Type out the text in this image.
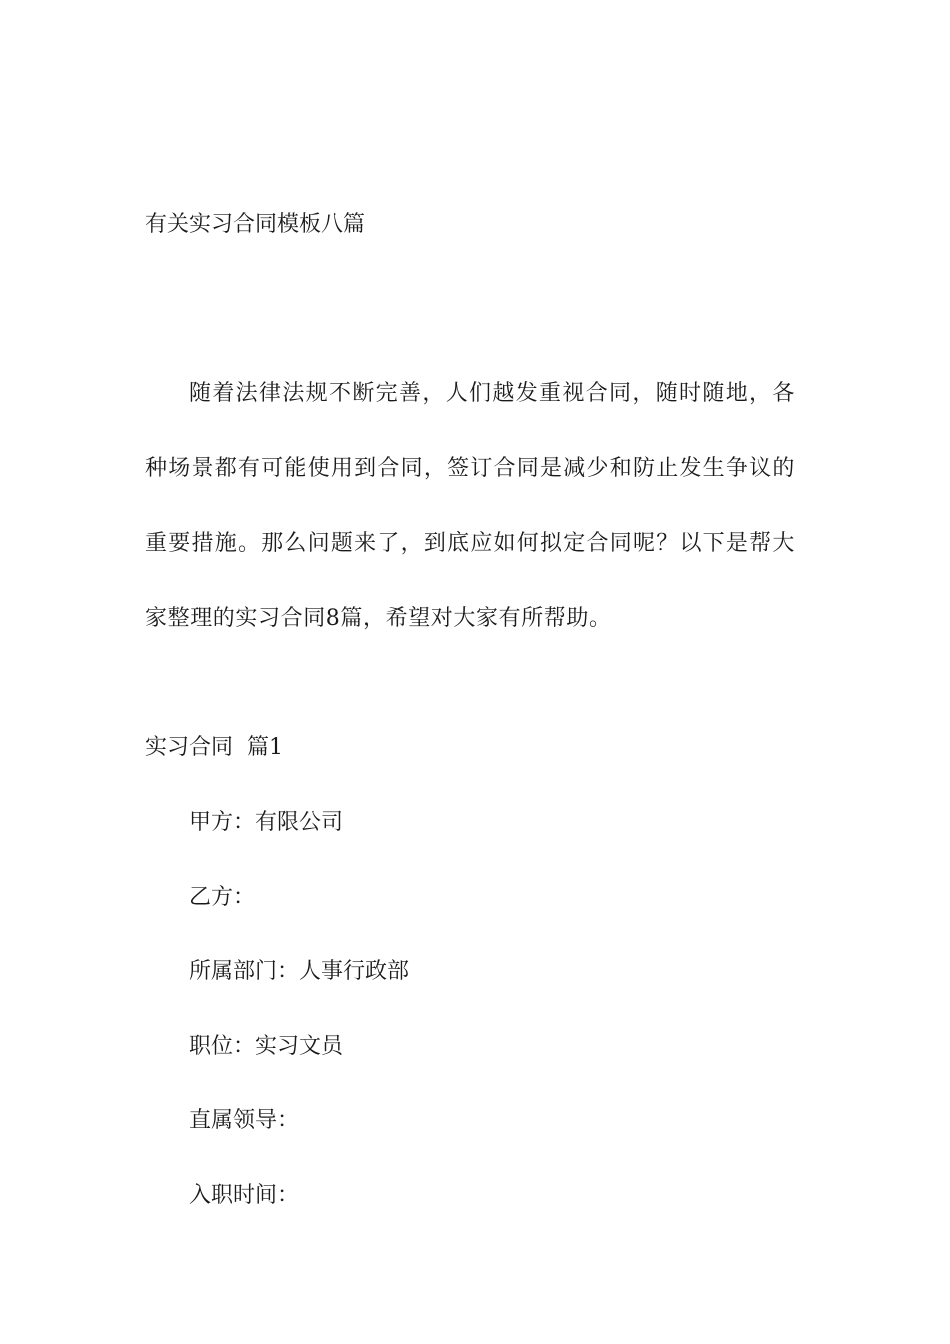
有关实习合同模板八篇

随着法律法规不断完善，人们越发重视合同，随时随地，各种场景都有可能使用到合同，签订合同是减少和防止发生争议的重要措施。那么问题来了，到底应如何拟定合同呢？以下是帮大家整理的实习合同8篇，希望对大家有所帮助。

实习合同  篇1
甲方：有限公司
乙方：
所属部门：人事行政部
职位：实习文员
直属领导：
入职时间：
